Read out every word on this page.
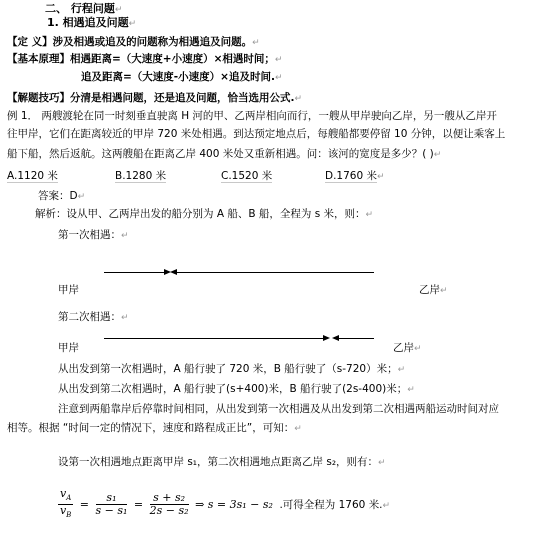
二、 行程问题↵
1. 相遇追及问题↵
【定 义】涉及相遇或追及的问题称为相遇追及问题。↵
【基本原理】相遇距离=（大速度+小速度）×相遇时间；↵
追及距离=（大速度-小速度）×追及时间.↵
【解题技巧】分清是相遇问题，还是追及问题，恰当选用公式.↵
例 1． 两艘渡轮在同一时刻垂直驶离 H 河的甲、乙两岸相向而行，一艘从甲岸驶向乙岸，另一艘从乙岸开
往甲岸，它们在距离较近的甲岸 720 米处相遇。到达预定地点后，每艘船都要停留 10 分钟，以便让乘客上
船下船，然后返航。这两艘船在距离乙岸 400 米处又重新相遇。问：该河的宽度是多少？( )↵
A.1120 米	B.1280 米	C.1520 米	D.1760 米↵
答案：D↵
解析：设从甲、乙两岸出发的船分别为 A 船、B 船，全程为 s 米，则：↵
第一次相遇：↵
甲岸	乙岸↵
第二次相遇：↵
甲岸	乙岸↵
从出发到第一次相遇时，A 船行驶了 720 米，B 船行驶了（s-720）米；↵
从出发到第二次相遇时，A 船行驶了(s+400)米，B 船行驶了(2s-400)米；↵
注意到两船靠岸后停靠时间相同，从出发到第一次相遇及从出发到第二次相遇两船运动时间对应
相等。根据 “时间一定的情况下，速度和路程成正比”，可知：↵
设第一次相遇地点距离甲岸 s₁，第二次相遇地点距离乙岸 s₂，则有：↵
$\frac{v_A}{v_B} = \frac{\text{s₁}}{\text{s − s₁}} = \frac{\text{s + s₂}}{\text{2s − s₂}}$ ⇒ s = 3s₁ − s₂ .可得全程为 1760 米.↵
